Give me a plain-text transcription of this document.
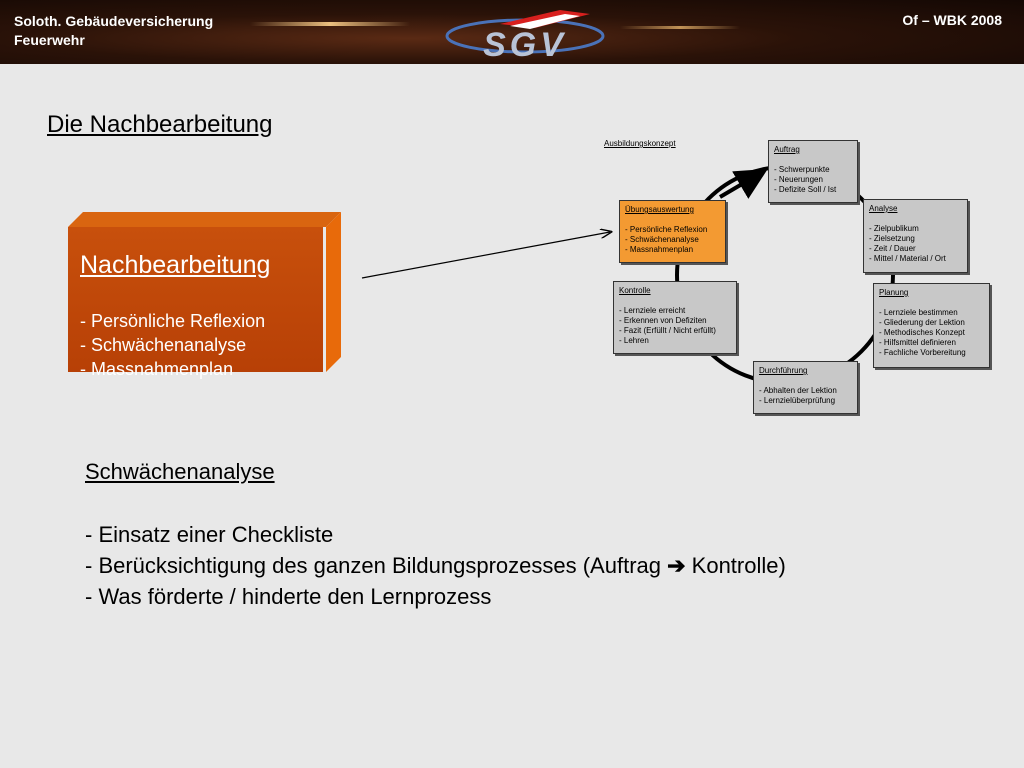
Soloth. Gebäudeversicherung
Feuerwehr	SGV
Of – WBK 2008
Die Nachbearbeitung
Nachbearbeitung
- Persönliche Reflexion
- Schwächenanalyse
- Massnahmenplan
Ausbildungskonzept
Auftrag
- Schwerpunkte
- Neuerungen
- Defizite Soll / Ist
Analyse
- Zielpublikum
- Zielsetzung
- Zeit / Dauer
- Mittel / Material / Ort
Planung
- Lernziele bestimmen
- Gliederung der Lektion
- Methodisches Konzept
- Hilfsmittel definieren
- Fachliche Vorbereitung
Durchführung
- Abhalten der Lektion
- Lernzielüberprüfung
Kontrolle
- Lernziele erreicht
- Erkennen von Defiziten
- Fazit (Erfüllt / Nicht erfüllt)
- Lehren
Übungsauswertung
- Persönliche Reflexion
- Schwächenanalyse
- Massnahmenplan
Schwächenanalyse
- Einsatz einer Checkliste
- Berücksichtigung des ganzen Bildungsprozesses (Auftrag ➔ Kontrolle)
- Was förderte / hinderte den Lernprozess
